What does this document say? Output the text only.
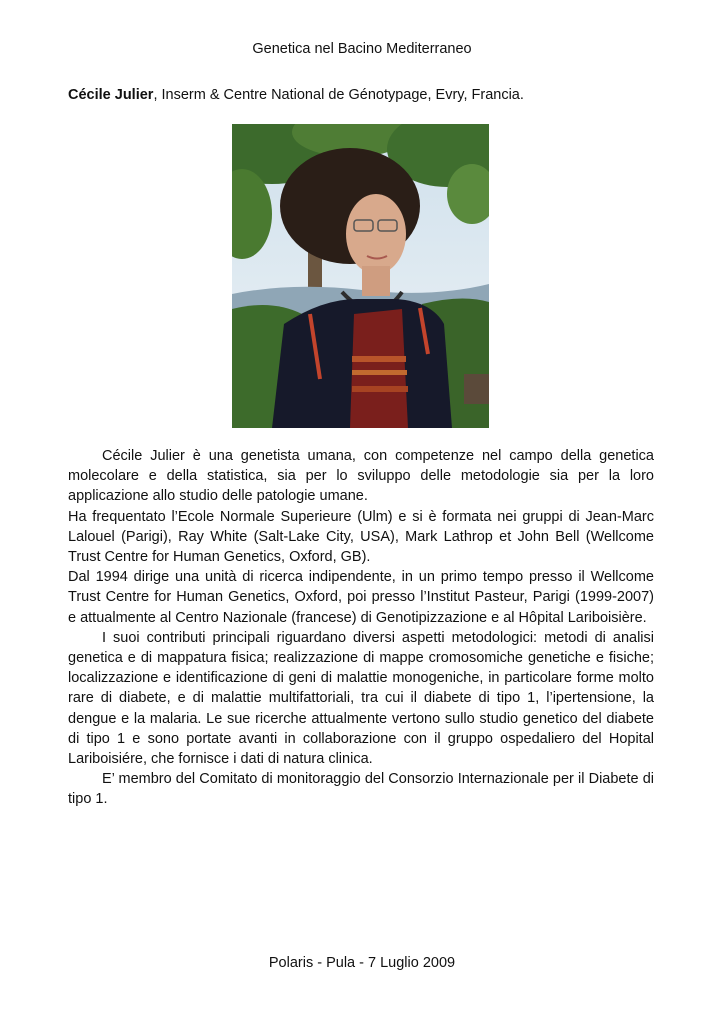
Genetica nel Bacino Mediterraneo
Cécile Julier, Inserm & Centre National de Génotypage, Evry, Francia.

Cécile Julier è una genetista umana, con competenze nel campo della genetica molecolare e della statistica, sia per lo sviluppo delle metodologie sia per la loro applicazione allo studio delle patologie umane.

Ha frequentato l’Ecole Normale Superieure (Ulm) e si è formata nei gruppi di Jean-Marc Lalouel (Parigi), Ray White (Salt-Lake City, USA), Mark Lathrop et John Bell (Wellcome Trust Centre for Human Genetics, Oxford, GB).

Dal 1994 dirige una unità di ricerca indipendente, in un primo tempo presso il Wellcome Trust Centre for Human Genetics, Oxford, poi presso l’Institut Pasteur, Parigi (1999-2007) e attualmente al Centro Nazionale (francese) di Genotipizzazione e al Hôpital Lariboisière.

I suoi contributi principali riguardano diversi aspetti metodologici: metodi di analisi genetica e di mappatura fisica; realizzazione di mappe cromosomiche genetiche e fisiche; localizzazione e identificazione di geni di malattie monogeniche, in particolare forme molto rare di diabete, e di malattie multifattoriali, tra cui il diabete di tipo 1, l’ipertensione, la dengue e la malaria. Le sue ricerche attualmente vertono sullo studio genetico del diabete di tipo 1 e sono portate avanti in collaborazione con il gruppo ospedaliero del Hopital Lariboisiére, che fornisce i dati di natura clinica.

E’ membro del Comitato di monitoraggio del Consorzio Internazionale per il Diabete di tipo 1.

Polaris - Pula - 7 Luglio 2009
